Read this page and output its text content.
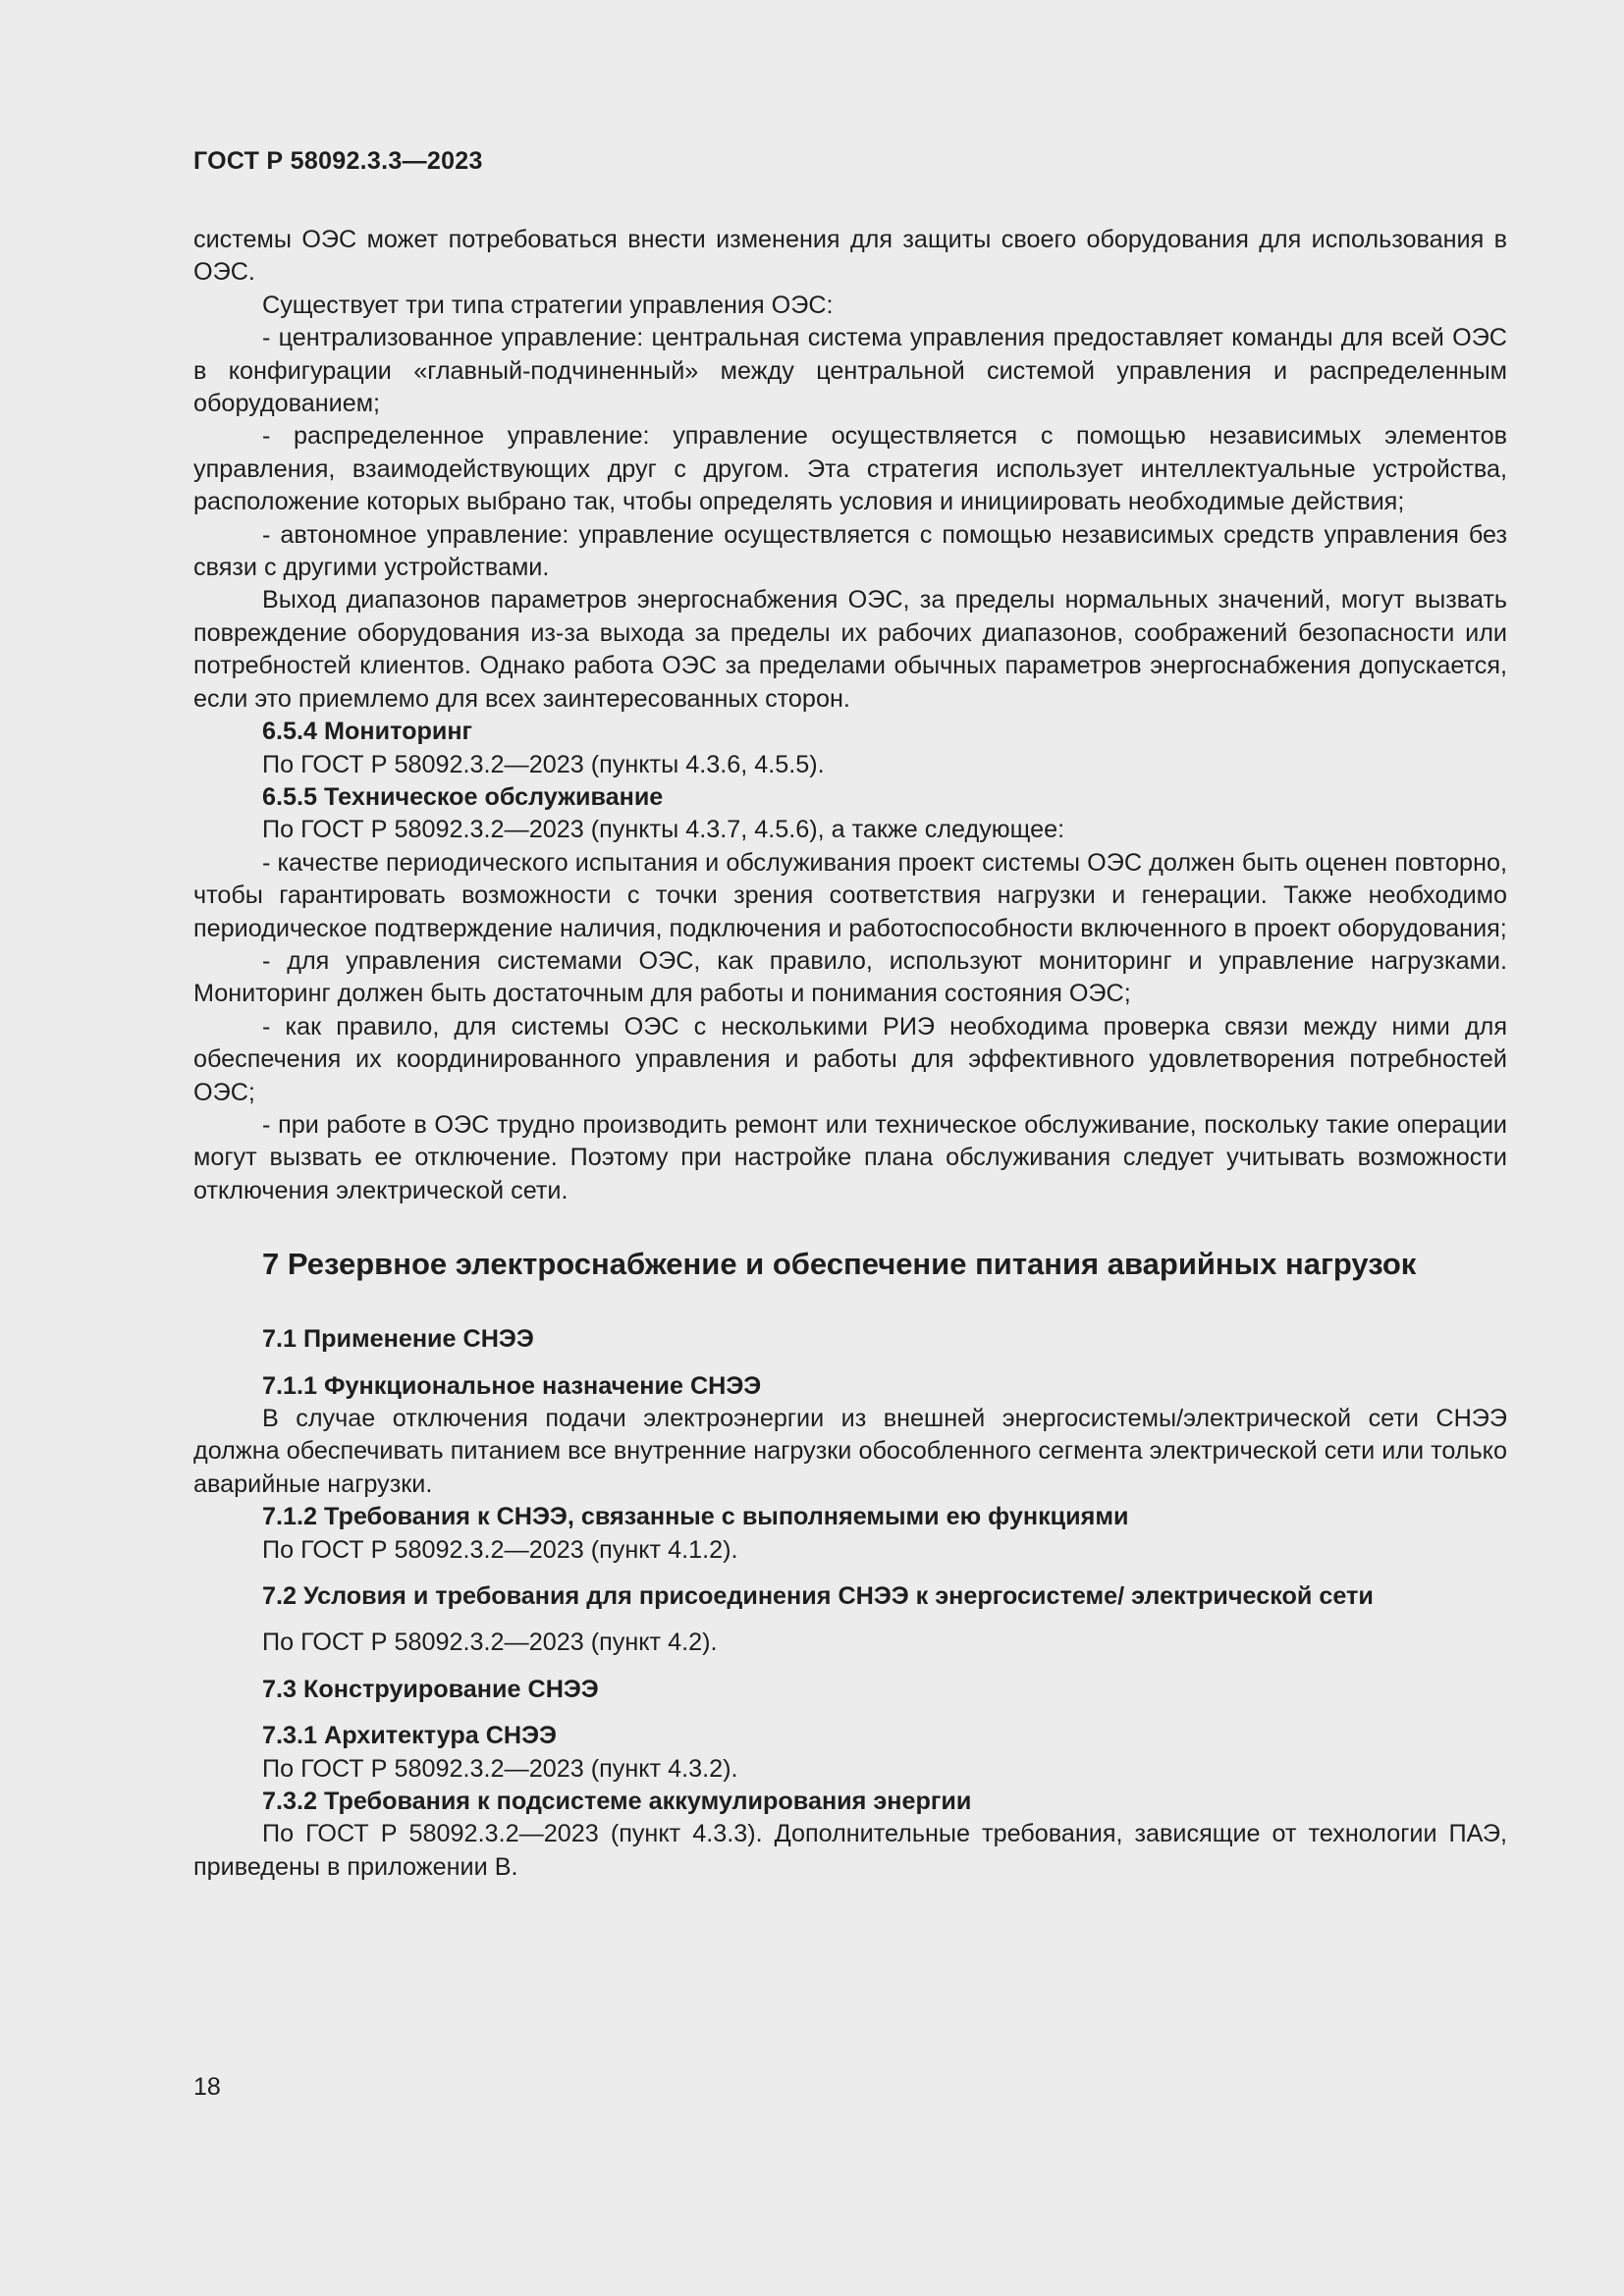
ГОСТ Р 58092.3.3—2023

системы ОЭС может потребоваться внести изменения для защиты своего оборудования для использования в ОЭС.

Существует три типа стратегии управления ОЭС:

- централизованное управление: центральная система управления предоставляет команды для всей ОЭС в конфигурации «главный-подчиненный» между центральной системой управления и распределенным оборудованием;

- распределенное управление: управление осуществляется с помощью независимых элементов управления, взаимодействующих друг с другом. Эта стратегия использует интеллектуальные устройства, расположение которых выбрано так, чтобы определять условия и инициировать необходимые действия;

- автономное управление: управление осуществляется с помощью независимых средств управления без связи с другими устройствами.

Выход диапазонов параметров энергоснабжения ОЭС, за пределы нормальных значений, могут вызвать повреждение оборудования из-за выхода за пределы их рабочих диапазонов, соображений безопасности или потребностей клиентов. Однако работа ОЭС за пределами обычных параметров энергоснабжения допускается, если это приемлемо для всех заинтересованных сторон.

6.5.4 Мониторинг

По ГОСТ Р 58092.3.2—2023 (пункты 4.3.6, 4.5.5).

6.5.5 Техническое обслуживание

По ГОСТ Р 58092.3.2—2023 (пункты 4.3.7, 4.5.6), а также следующее:

- качестве периодического испытания и обслуживания проект системы ОЭС должен быть оценен повторно, чтобы гарантировать возможности с точки зрения соответствия нагрузки и генерации. Также необходимо периодическое подтверждение наличия, подключения и работоспособности включенного в проект оборудования;

- для управления системами ОЭС, как правило, используют мониторинг и управление нагрузками. Мониторинг должен быть достаточным для работы и понимания состояния ОЭС;

- как правило, для системы ОЭС с несколькими РИЭ необходима проверка связи между ними для обеспечения их координированного управления и работы для эффективного удовлетворения потребностей ОЭС;

- при работе в ОЭС трудно производить ремонт или техническое обслуживание, поскольку такие операции могут вызвать ее отключение. Поэтому при настройке плана обслуживания следует учитывать возможности отключения электрической сети.

7 Резервное электроснабжение и обеспечение питания аварийных нагрузок

7.1 Применение СНЭЭ

7.1.1 Функциональное назначение СНЭЭ

В случае отключения подачи электроэнергии из внешней энергосистемы/электрической сети СНЭЭ должна обеспечивать питанием все внутренние нагрузки обособленного сегмента электрической сети или только аварийные нагрузки.

7.1.2 Требования к СНЭЭ, связанные с выполняемыми ею функциями

По ГОСТ Р 58092.3.2—2023 (пункт 4.1.2).

7.2 Условия и требования для присоединения СНЭЭ к энергосистеме/ электрической сети

По ГОСТ Р 58092.3.2—2023 (пункт 4.2).

7.3 Конструирование СНЭЭ

7.3.1 Архитектура СНЭЭ

По ГОСТ Р 58092.3.2—2023 (пункт 4.3.2).

7.3.2 Требования к подсистеме аккумулирования энергии

По ГОСТ Р 58092.3.2—2023 (пункт 4.3.3). Дополнительные требования, зависящие от технологии ПАЭ, приведены в приложении В.

18
